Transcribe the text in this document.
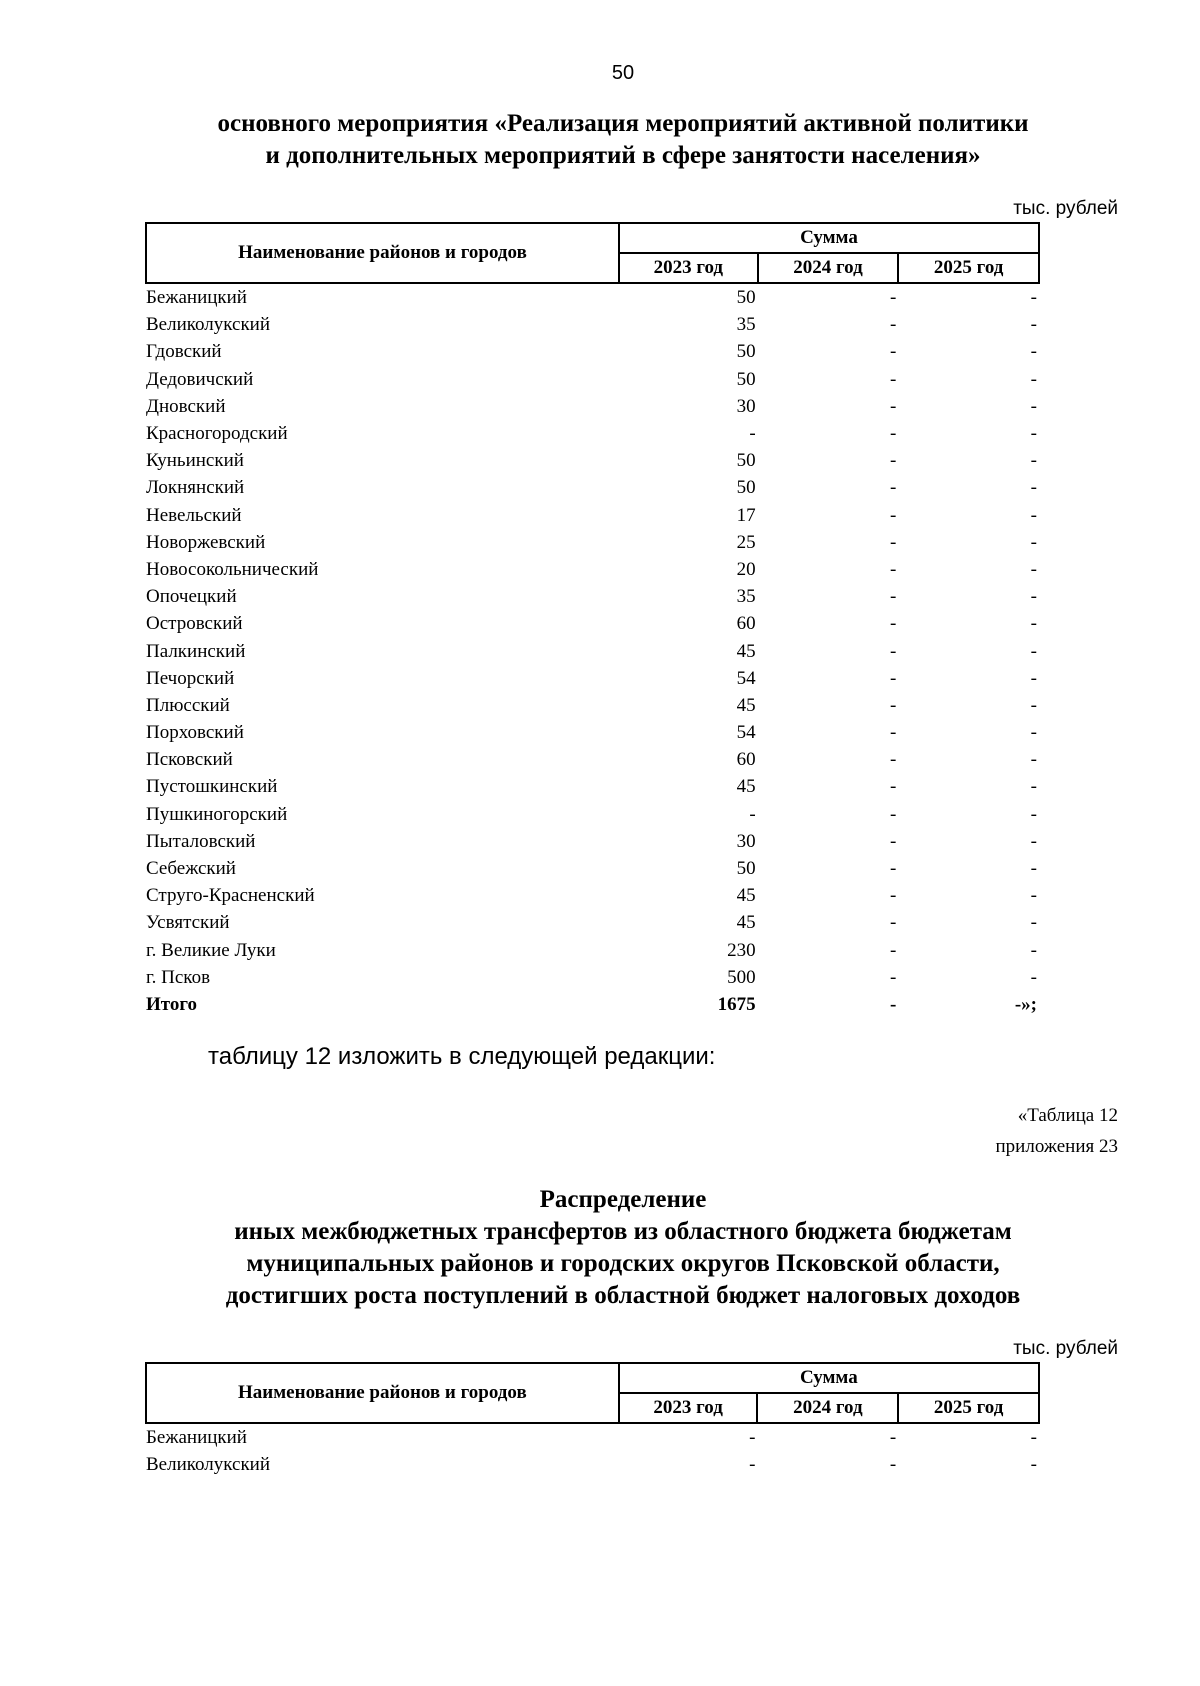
50
основного мероприятия «Реализация мероприятий активной политики
и дополнительных мероприятий в сфере занятости населения»
тыс. рублей
Наименование районов и городов	Сумма		
	2023 год	2024 год	2025 год
Бежаницкий	50	-	-
Великолукский	35	-	-
Гдовский	50	-	-
Дедовичский	50	-	-
Дновский	30	-	-
Красногородский	-	-	-
Куньинский	50	-	-
Локнянский	50	-	-
Невельский	17	-	-
Новоржевский	25	-	-
Новосокольнический	20	-	-
Опочецкий	35	-	-
Островский	60	-	-
Палкинский	45	-	-
Печорский	54	-	-
Плюсский	45	-	-
Порховский	54	-	-
Псковский	60	-	-
Пустошкинский	45	-	-
Пушкиногорский	-	-	-
Пыталовский	30	-	-
Себежский	50	-	-
Струго-Красненский	45	-	-
Усвятский	45	-	-
г. Великие Луки	230	-	-
г. Псков	500	-	-
Итого	1675	-	-»;
таблицу 12 изложить в следующей редакции:
«Таблица 12
приложения 23
Распределение
иных межбюджетных трансфертов из областного бюджета бюджетам
муниципальных районов и городских округов Псковской области,
достигших роста поступлений в областной бюджет налоговых доходов
тыс. рублей
Наименование районов и городов	Сумма		
	2023 год	2024 год	2025 год
Бежаницкий	-	-	-
Великолукский	-	-	-
